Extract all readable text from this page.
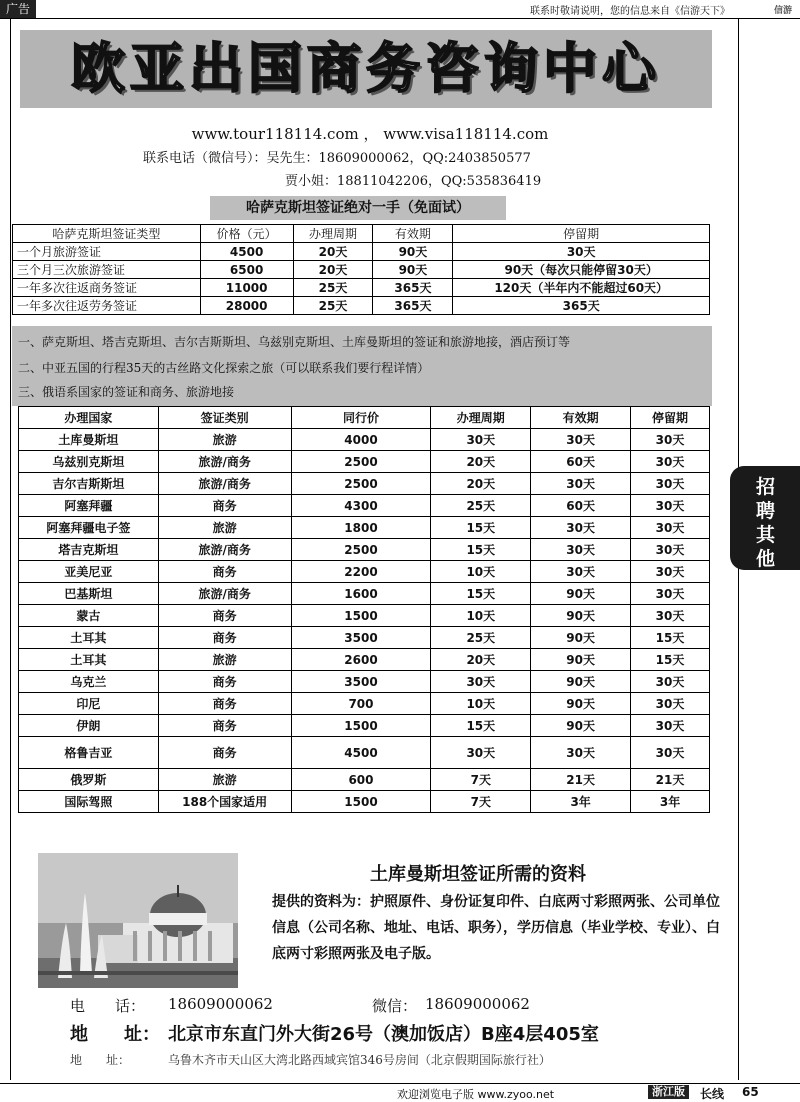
广告	联系时敬请说明，您的信息来自《信游天下》	信游
欧亚出国商务咨询中心
www.tour118114.com ， www.visa118114.com
联系电话（微信号）：吴先生：18609000062，QQ:2403850577
贾小姐：18811042206，QQ:535836419
哈萨克斯坦签证绝对一手（免面试）
哈萨克斯坦签证类型	价格（元）	办理周期	有效期	停留期
一个月旅游签证	4500	20天	90天	30天
三个月三次旅游签证	6500	20天	90天	90天（每次只能停留30天）
一年多次往返商务签证	11000	25天	365天	120天（半年内不能超过60天）
一年多次往返劳务签证	28000	25天	365天	365天
一、萨克斯坦、塔吉克斯坦、吉尔吉斯斯坦、乌兹别克斯坦、土库曼斯坦的签证和旅游地接，酒店预订等
二、中亚五国的行程35天的古丝路文化探索之旅（可以联系我们要行程详情）
三、俄语系国家的签证和商务、旅游地接
办理国家	签证类别	同行价	办理周期	有效期	停留期
土库曼斯坦	旅游	4000	30天	30天	30天
乌兹别克斯坦	旅游/商务	2500	20天	60天	30天
吉尔吉斯斯坦	旅游/商务	2500	20天	30天	30天
阿塞拜疆	商务	4300	25天	60天	30天
阿塞拜疆电子签	旅游	1800	15天	30天	30天
塔吉克斯坦	旅游/商务	2500	15天	30天	30天
亚美尼亚	商务	2200	10天	30天	30天
巴基斯坦	旅游/商务	1600	15天	90天	30天
蒙古	商务	1500	10天	90天	30天
土耳其	商务	3500	25天	90天	15天
土耳其	旅游	2600	20天	90天	15天
乌克兰	商务	3500	30天	90天	30天
印尼	商务	700	10天	90天	30天
伊朗	商务	1500	15天	90天	30天
格鲁吉亚	商务	4500	30天	30天	30天
俄罗斯	旅游	600	7天	21天	21天
国际驾照	188个国家适用	1500	7天	3年	3年
招
聘
其
他
土库曼斯坦签证所需的资料
提供的资料为：护照原件、身份证复印件、白底两寸彩照两张、公司单位信息（公司名称、地址、电话、职务），学历信息（毕业学校、专业）、白底两寸彩照两张及电子版。
电　　话： 18609000062	微信： 18609000062
地　　址： 北京市东直门外大街26号（澳加饭店）B座4层405室
地　　址：	乌鲁木齐市天山区大湾北路西域宾馆346号房间（北京假期国际旅行社）
欢迎浏览电子版 www.zyoo.net	浙江版	长线 65
